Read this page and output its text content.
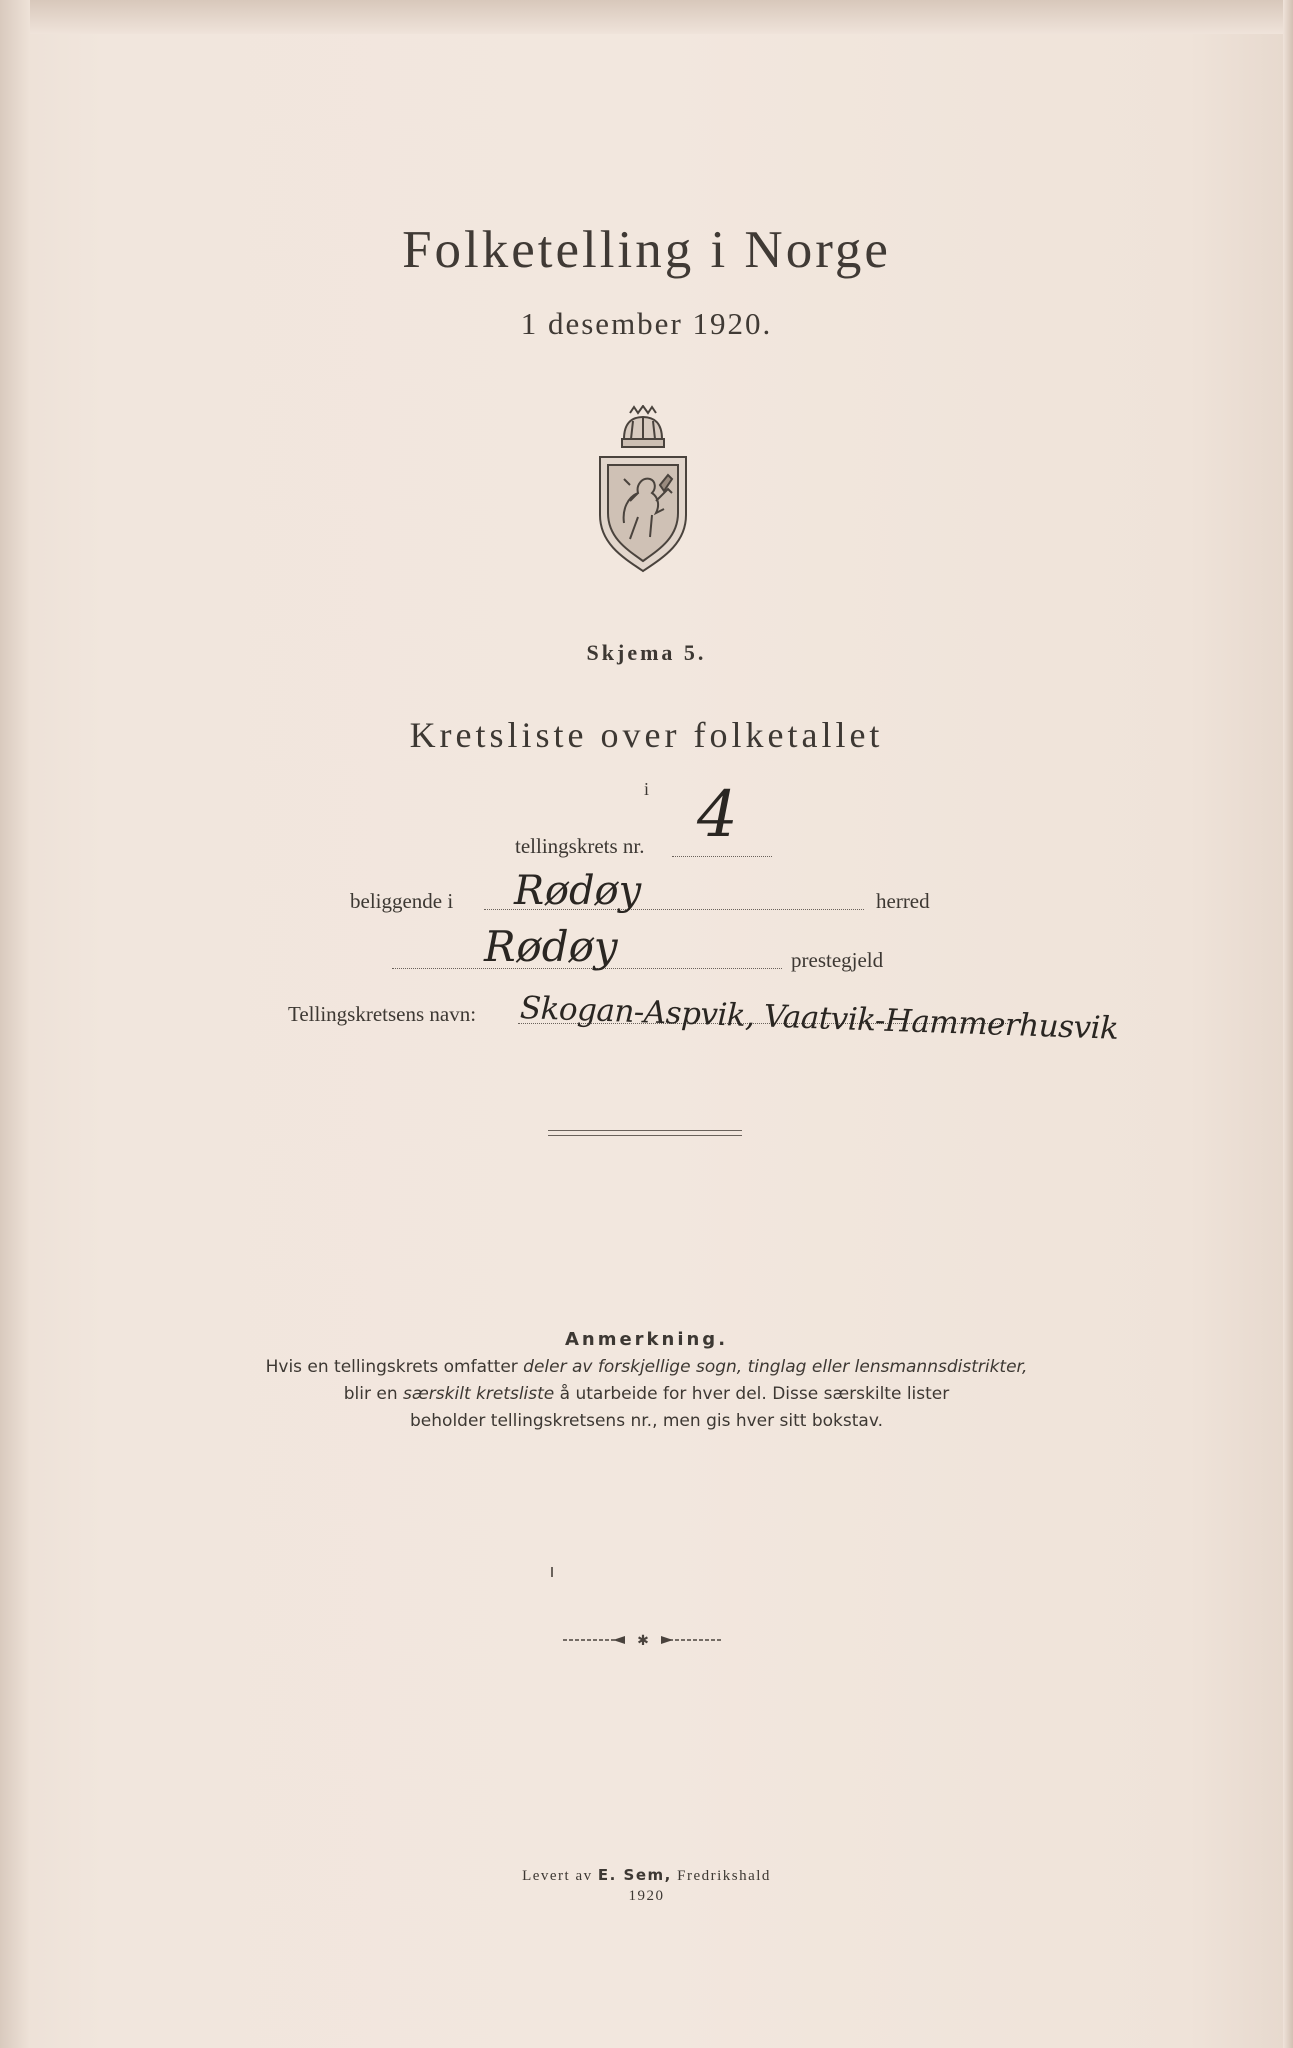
Folketelling i Norge
1 desember 1920.
Skjema 5.
Kretsliste over folketallet
i
tellingskrets nr. 4
beliggende i Rødøy	herred
Rødøy	prestegjeld
Tellingskretsens navn: Skogan-Aspvik, Vaatvik-Hammerhusvik
Anmerkning.
Hvis en tellingskrets omfatter deler av forskjellige sogn, tinglag eller lensmannsdistrikter,
blir en særskilt kretsliste å utarbeide for hver del. Disse særskilte lister
beholder tellingskretsens nr., men gis hver sitt bokstav.
✱
Levert av E. Sem, Fredrikshald
1920
